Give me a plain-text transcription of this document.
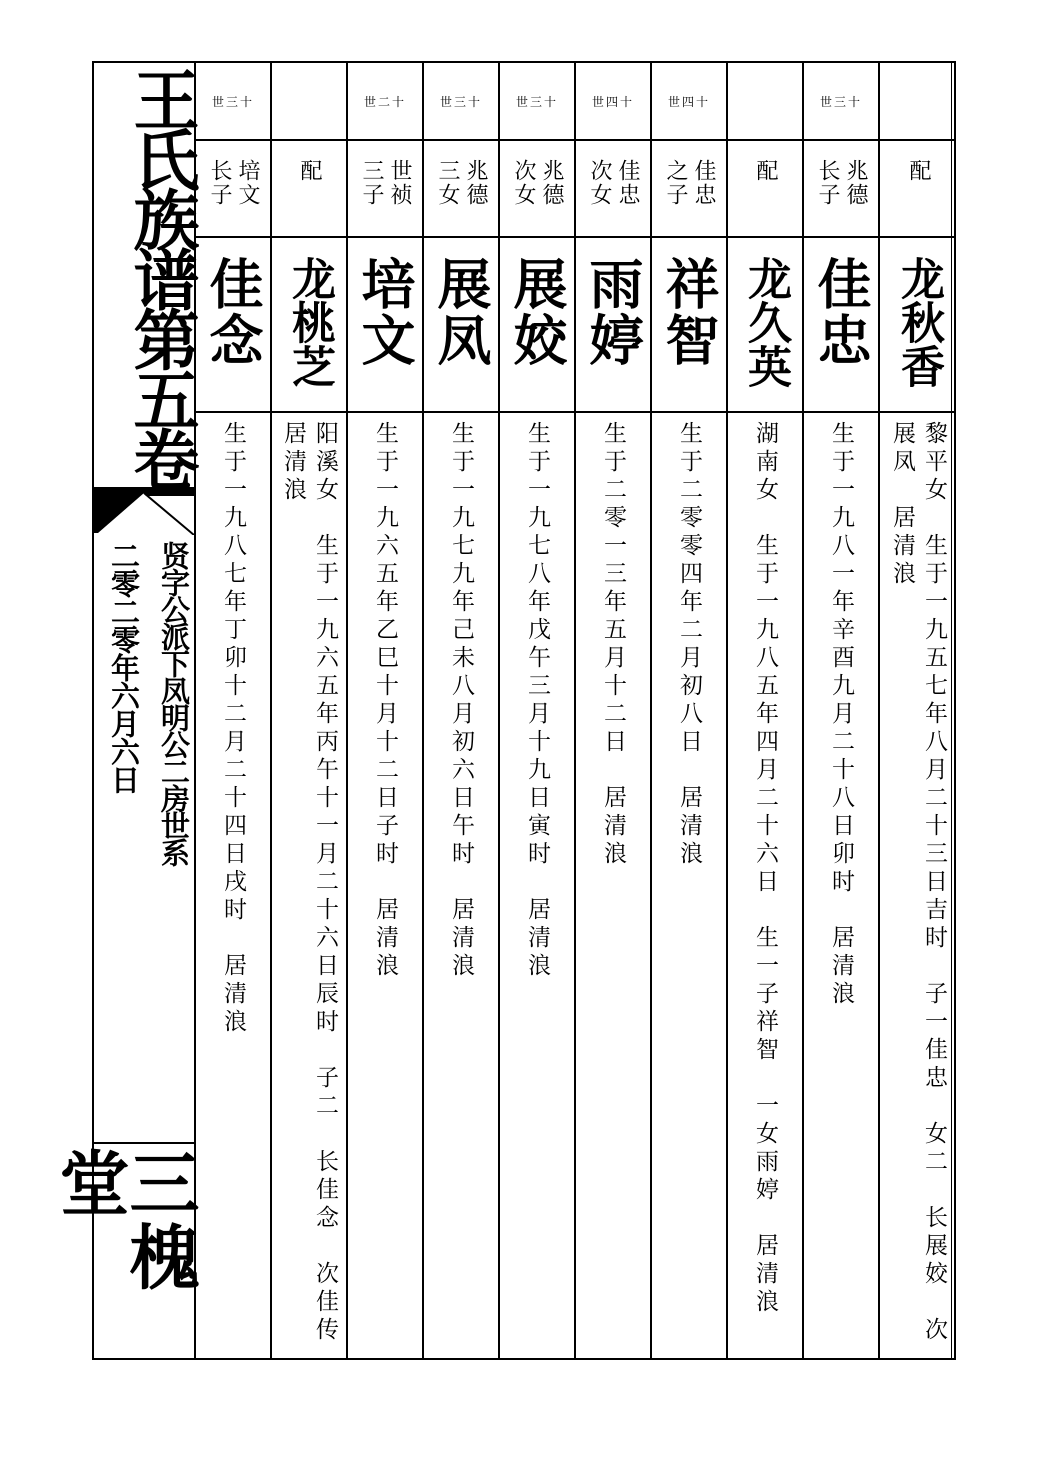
王氏族谱第五卷
贤字公派下凤明公二房世系
二零二零年六月六日
三槐堂
世三十
培文
长子
佳念
生于一九八七年丁卯十二月二十四日戌时　居清浪
配
龙桃芝
阳溪女　生于一九六五年丙午十一月二十六日辰时　子二　长佳念　次佳传
居清浪
世二十
世祯
三子
培文
生于一九六五年乙巳十月十二日子时　居清浪
世三十
兆德
三女
展凤
生于一九七九年己未八月初六日午时　居清浪
世三十
兆德
次女
展姣
生于一九七八年戊午三月十九日寅时　居清浪
世四十
佳忠
次女
雨婷
生于二零一三年五月十二日　居清浪
世四十
佳忠
之子
祥智
生于二零零四年二月初八日　居清浪
配
龙久英
湖南女　生于一九八五年四月二十六日　生一子祥智　一女雨婷　居清浪
世三十
兆德
长子
佳忠
生于一九八一年辛酉九月二十八日卯时　居清浪
配
龙秋香
黎平女　生于一九五七年八月二十三日吉时　子一佳忠　女二　长展姣　次
展凤　居清浪
